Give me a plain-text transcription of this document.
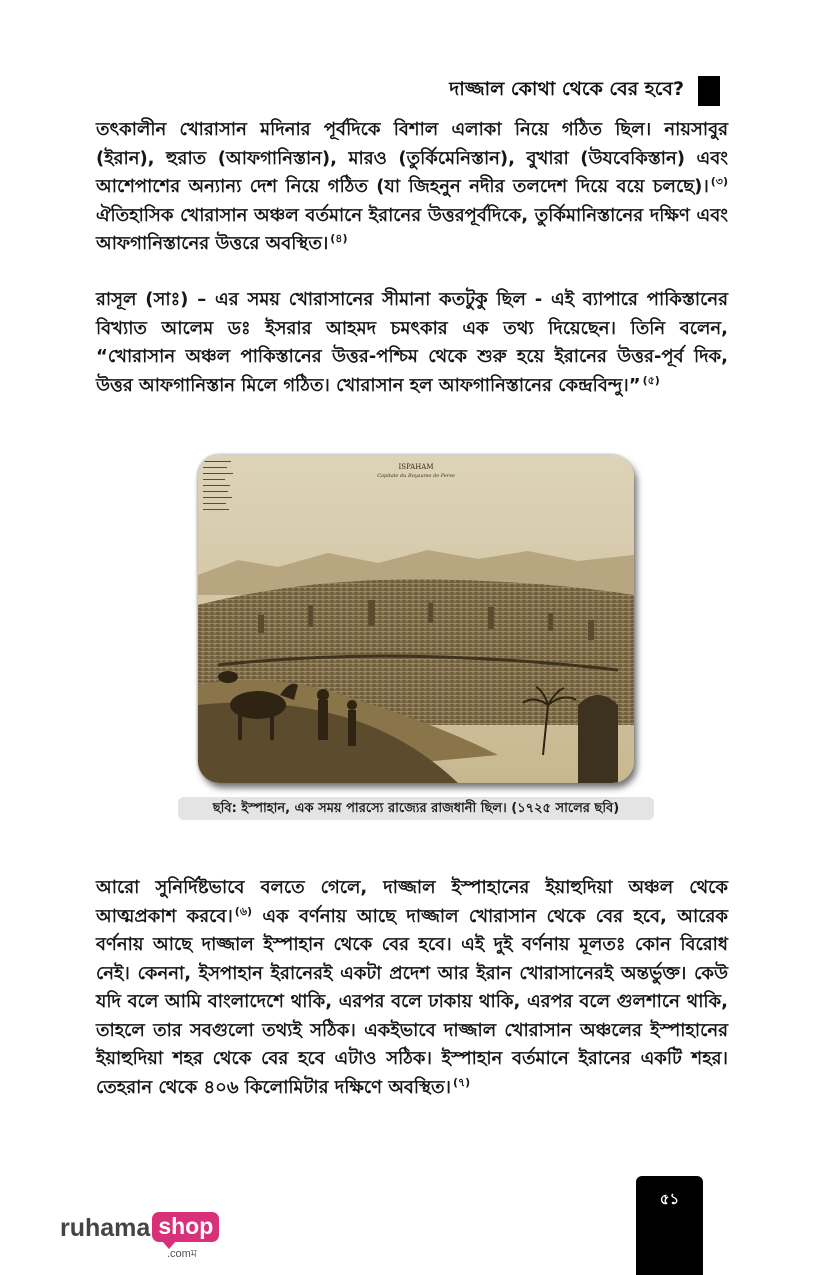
দাজ্জাল কোথা থেকে বের হবে?

তৎকালীন খোরাসান মদিনার পূর্বদিকে বিশাল এলাকা নিয়ে গঠিত ছিল। নায়সাবুর (ইরান), হুরাত (আফগানিস্তান), মারও (তুর্কিমেনিস্তান), বুখারা (উযবেকিস্তান) এবং আশেপাশের অন্যান্য দেশ নিয়ে গঠিত (যা জিহনুন নদীর তলদেশ দিয়ে বয়ে চলছে)। $^{(৩)}$ ঐতিহাসিক খোরাসান অঞ্চল বর্তমানে ইরানের উত্তরপূর্বদিকে, তুর্কিমানিস্তানের দক্ষিণ এবং আফগানিস্তানের উত্তরে অবস্থিত। $^{(৪)}$

রাসূল (সাঃ) – এর সময় খোরাসানের সীমানা কতটুকু ছিল - এই ব্যাপারে পাকিস্তানের বিখ্যাত আলেম ডঃ ইসরার আহমদ চমৎকার এক তথ্য দিয়েছেন। তিনি বলেন, “খোরাসান অঞ্চল পাকিস্তানের উত্তর-পশ্চিম থেকে শুরু হয়ে ইরানের উত্তর-পূর্ব দিক, উত্তর আফগানিস্তান মিলে গঠিত। খোরাসান হল আফগানিস্তানের কেন্দ্রবিন্দু।” $^{(৫)}$

ISPAHAM
Capitale du Royaume de Perse
ছবি: ইস্পাহান, এক সময় পারস্যে রাজ্যের রাজধানী ছিল। (১৭২৫ সালের ছবি)

আরো সুনির্দিষ্টভাবে বলতে গেলে, দাজ্জাল ইস্পাহানের ইয়াহুদিয়া অঞ্চল থেকে আত্মপ্রকাশ করবে। $^{(৬)}$ এক বর্ণনায় আছে দাজ্জাল খোরাসান থেকে বের হবে, আরেক বর্ণনায় আছে দাজ্জাল ইস্পাহান থেকে বের হবে। এই দুই বর্ণনায় মূলতঃ কোন বিরোধ নেই। কেননা, ইসপাহান ইরানেরই একটা প্রদেশ আর ইরান খোরাসানেরই অন্তর্ভুক্ত। কেউ যদি বলে আমি বাংলাদেশে থাকি, এরপর বলে ঢাকায় থাকি, এরপর বলে গুলশানে থাকি, তাহলে তার সবগুলো তথ্যই সঠিক। একইভাবে দাজ্জাল খোরাসান অঞ্চলের ইস্পাহানের ইয়াহুদিয়া শহর থেকে বের হবে এটাও সঠিক। ইস্পাহান বর্তমানে ইরানের একটি শহর। তেহরান থেকে ৪০৬ কিলোমিটার দক্ষিণে অবস্থিত। $^{(৭)}$

ruhama shop
.comম
৫১
